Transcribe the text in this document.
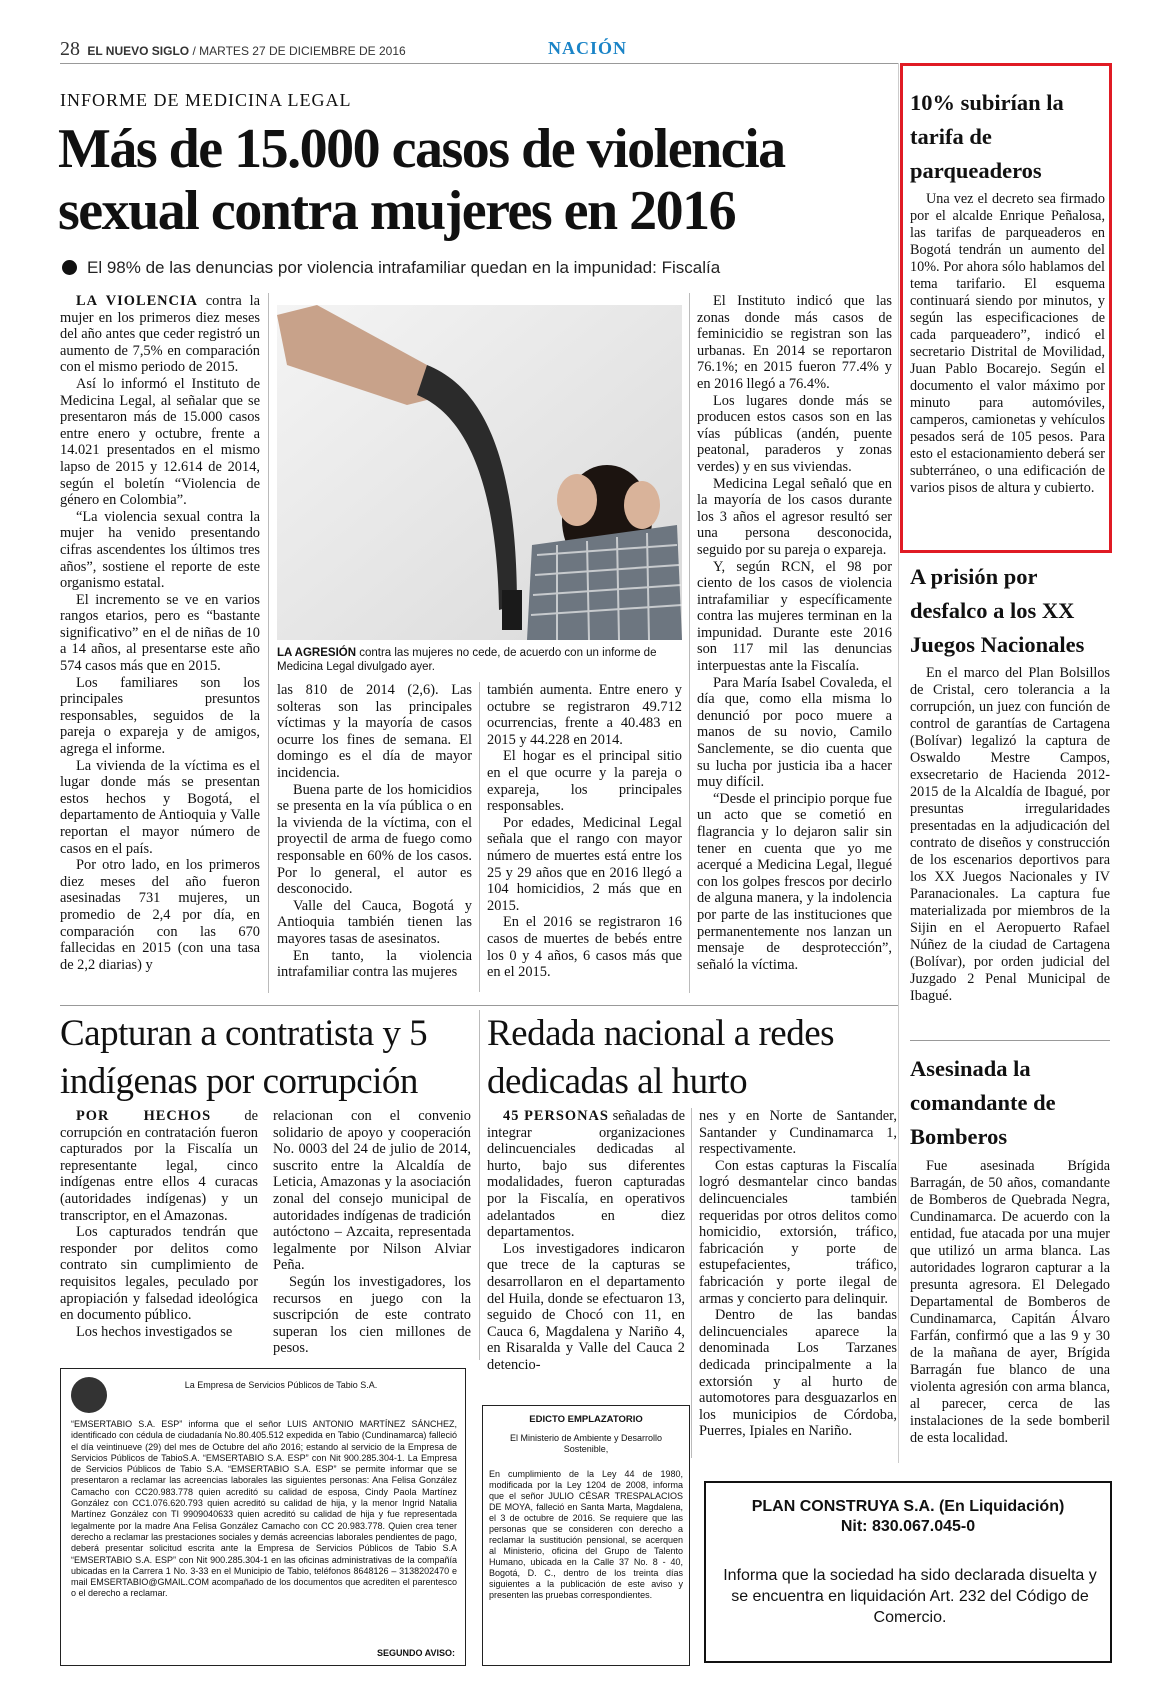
28 EL NUEVO SIGLO / MARTES 27 DE DICIEMBRE DE 2016	NACIÓN
INFORME DE MEDICINA LEGAL
Más de 15.000 casos de violencia sexual contra mujeres en 2016
El 98% de las denuncias por violencia intrafamiliar quedan en la impunidad: Fiscalía

LA VIOLENCIA contra la mujer en los primeros diez meses del año antes que ceder registró un aumento de 7,5% en comparación con el mismo periodo de 2015.

Así lo informó el Instituto de Medicina Legal, al señalar que se presentaron más de 15.000 casos entre enero y octubre, frente a 14.021 presentados en el mismo lapso de 2015 y 12.614 de 2014, según el boletín “Violencia de género en Colombia”.

“La violencia sexual contra la mujer ha venido presentando cifras ascendentes los últimos tres años”, sostiene el reporte de este organismo estatal.

El incremento se ve en varios rangos etarios, pero es “bastante significativo” en el de niñas de 10 a 14 años, al presentarse este año 574 casos más que en 2015.

Los familiares son los principales presuntos responsables, seguidos de la pareja o expareja y de amigos, agrega el informe.

La vivienda de la víctima es el lugar donde más se presentan estos hechos y Bogotá, el departamento de Antioquia y Valle reportan el mayor número de casos en el país.

Por otro lado, en los primeros diez meses del año fueron asesinadas 731 mujeres, un promedio de 2,4 por día, en comparación con las 670 fallecidas en 2015 (con una tasa de 2,2 diarias) y

LA AGRESIÓN contra las mujeres no cede, de acuerdo con un informe de Medicina Legal divulgado ayer.

las 810 de 2014 (2,6). Las solteras son las principales víctimas y la mayoría de casos ocurre los fines de semana. El domingo es el día de mayor incidencia.

Buena parte de los homicidios se presenta en la vía pública o en la vivienda de la víctima, con el proyectil de arma de fuego como responsable en 60% de los casos. Por lo general, el autor es desconocido.

Valle del Cauca, Bogotá y Antioquia también tienen las mayores tasas de asesinatos.

En tanto, la violencia intrafamiliar contra las mujeres

también aumenta. Entre enero y octubre se registraron 49.712 ocurrencias, frente a 40.483 en 2015 y 44.228 en 2014.

El hogar es el principal sitio en el que ocurre y la pareja o expareja, los principales responsables.

Por edades, Medicinal Legal señala que el rango con mayor número de muertes está entre los 25 y 29 años que en 2016 llegó a 104 homicidios, 2 más que en 2015.

En el 2016 se registraron 16 casos de muertes de bebés entre los 0 y 4 años, 6 casos más que en el 2015.

El Instituto indicó que las zonas donde más casos de feminicidio se registran son las urbanas. En 2014 se reportaron 76.1%; en 2015 fueron 77.4% y en 2016 llegó a 76.4%.

Los lugares donde más se producen estos casos son en las vías públicas (andén, puente peatonal, paraderos y zonas verdes) y en sus viviendas.

Medicina Legal señaló que en la mayoría de los casos durante los 3 años el agresor resultó ser una persona desconocida, seguido por su pareja o expareja.

Y, según RCN, el 98 por ciento de los casos de violencia intrafamiliar y específicamente contra las mujeres terminan en la impunidad. Durante este 2016 son 117 mil las denuncias interpuestas ante la Fiscalía.

Para María Isabel Covaleda, el día que, como ella misma lo denunció por poco muere a manos de su novio, Camilo Sanclemente, se dio cuenta que su lucha por justicia iba a hacer muy difícil.

“Desde el principio porque fue un acto que se cometió en flagrancia y lo dejaron salir sin tener en cuenta que yo me acerqué a Medicina Legal, llegué con los golpes frescos por decirlo de alguna manera, y la indolencia por parte de las instituciones que permanentemente nos lanzan un mensaje de desprotección”, señaló la víctima.

10% subirían la tarifa de parqueaderos

Una vez el decreto sea firmado por el alcalde Enrique Peñalosa, las tarifas de parqueaderos en Bogotá tendrán un aumento del 10%. Por ahora sólo hablamos del tema tarifario. El esquema continuará siendo por minutos, y según las especificaciones de cada parqueadero”, indicó el secretario Distrital de Movilidad, Juan Pablo Bocarejo. Según el documento el valor máximo por minuto para automóviles, camperos, camionetas y vehículos pesados será de 105 pesos. Para esto el estacionamiento deberá ser subterráneo, o una edificación de varios pisos de altura y cubierto.

A prisión por desfalco a los XX Juegos Nacionales

En el marco del Plan Bolsillos de Cristal, cero tolerancia a la corrupción, un juez con función de control de garantías de Cartagena (Bolívar) legalizó la captura de Oswaldo Mestre Campos, exsecretario de Hacienda 2012-2015 de la Alcaldía de Ibagué, por presuntas irregularidades presentadas en la adjudicación del contrato de diseños y construcción de los escenarios deportivos para los XX Juegos Nacionales y IV Paranacionales. La captura fue materializada por miembros de la Sijin en el Aeropuerto Rafael Núñez de la ciudad de Cartagena (Bolívar), por orden judicial del Juzgado 2 Penal Municipal de Ibagué.

Asesinada la comandante de Bomberos

Fue asesinada Brígida Barragán, de 50 años, comandante de Bomberos de Quebrada Negra, Cundinamarca. De acuerdo con la entidad, fue atacada por una mujer que utilizó un arma blanca. Las autoridades lograron capturar a la presunta agresora. El Delegado Departamental de Bomberos de Cundinamarca, Capitán Álvaro Farfán, confirmó que a las 9 y 30 de la mañana de ayer, Brígida Barragán fue blanco de una violenta agresión con arma blanca, al parecer, cerca de las instalaciones de la sede bomberil de esta localidad.

Capturan a contratista y 5 indígenas por corrupción

POR HECHOS de corrupción en contratación fueron capturados por la Fiscalía un representante legal, cinco indígenas entre ellos 4 curacas (autoridades indígenas) y un transcriptor, en el Amazonas.

Los capturados tendrán que responder por delitos como contrato sin cumplimiento de requisitos legales, peculado por apropiación y falsedad ideológica en documento público.

Los hechos investigados se

relacionan con el convenio solidario de apoyo y cooperación No. 0003 del 24 de julio de 2014, suscrito entre la Alcaldía de Leticia, Amazonas y la asociación zonal del consejo municipal de autoridades indígenas de tradición autóctono – Azcaita, representada legalmente por Nilson Alviar Peña.

Según los investigadores, los recursos en juego con la suscripción de este contrato superan los cien millones de pesos.

Redada nacional a redes dedicadas al hurto

45 PERSONAS señaladas de integrar organizaciones delincuenciales dedicadas al hurto, bajo sus diferentes modalidades, fueron capturadas por la Fiscalía, en operativos adelantados en diez departamentos.

Los investigadores indicaron que trece de la capturas se desarrollaron en el departamento del Huila, donde se efectuaron 13, seguido de Chocó con 11, en Cauca 6, Magdalena y Nariño 4, en Risaralda y Valle del Cauca 2 detencio-

nes y en Norte de Santander, Santander y Cundinamarca 1, respectivamente.

Con estas capturas la Fiscalía logró desmantelar cinco bandas delincuenciales también requeridas por otros delitos como homicidio, extorsión, tráfico, fabricación y porte de estupefacientes, tráfico, fabricación y porte ilegal de armas y concierto para delinquir.

Dentro de las bandas delincuenciales aparece la denominada Los Tarzanes dedicada principalmente a la extorsión y al hurto de automotores para desguazarlos en los municipios de Córdoba, Puerres, Ipiales en Nariño.

La Empresa de Servicios Públicos de Tabio S.A.
“EMSERTABIO S.A. ESP” informa que el señor LUIS ANTONIO MARTÍNEZ SÁNCHEZ, identificado con cédula de ciudadanía No.80.405.512 expedida en Tabio (Cundinamarca) falleció el día veintinueve (29) del mes de Octubre del año 2016; estando al servicio de la Empresa de Servicios Públicos de TabioS.A. “EMSERTABIO S.A. ESP” con Nit 900.285.304-1. La Empresa de Servicios Públicos de Tabio S.A. “EMSERTABIO S.A. ESP” se permite informar que se presentaron a reclamar las acreencias laborales las siguientes personas: Ana Felisa González Camacho con CC20.983.778 quien acreditó su calidad de esposa, Cindy Paola Martínez González con CC1.076.620.793 quien acreditó su calidad de hija, y la menor Ingrid Natalia Martínez González con TI 9909040633 quien acreditó su calidad de hija y fue representada legalmente por la madre Ana Felisa González Camacho con CC 20.983.778. Quien crea tener derecho a reclamar las prestaciones sociales y demás acreencias laborales pendientes de pago, deberá presentar solicitud escrita ante la Empresa de Servicios Públicos de Tabio S.A “EMSERTABIO S.A. ESP” con Nit 900.285.304-1 en las oficinas administrativas de la compañía ubicadas en la Carrera 1 No. 3-33 en el Municipio de Tabio, teléfonos 8648126 – 3138202470 e mail EMSERTABIO@GMAIL.COM acompañado de los documentos que acrediten el parentesco o el derecho a reclamar.
SEGUNDO AVISO:
EDICTO EMPLAZATORIO
El Ministerio de Ambiente y Desarrollo Sostenible,
En cumplimiento de la Ley 44 de 1980, modificada por la Ley 1204 de 2008, informa que el señor JULIO CÉSAR TRESPALACIOS DE MOYA, falleció en Santa Marta, Magdalena, el 3 de octubre de 2016. Se requiere que las personas que se consideren con derecho a reclamar la sustitución pensional, se acerquen al Ministerio, oficina del Grupo de Talento Humano, ubicada en la Calle 37 No. 8 - 40, Bogotá, D. C., dentro de los treinta días siguientes a la publicación de este aviso y presenten las pruebas correspondientes.
PLAN CONSTRUYA S.A. (En Liquidación)
Nit: 830.067.045-0
Informa que la sociedad ha sido declarada disuelta y se encuentra en liquidación Art. 232 del Código de Comercio.
